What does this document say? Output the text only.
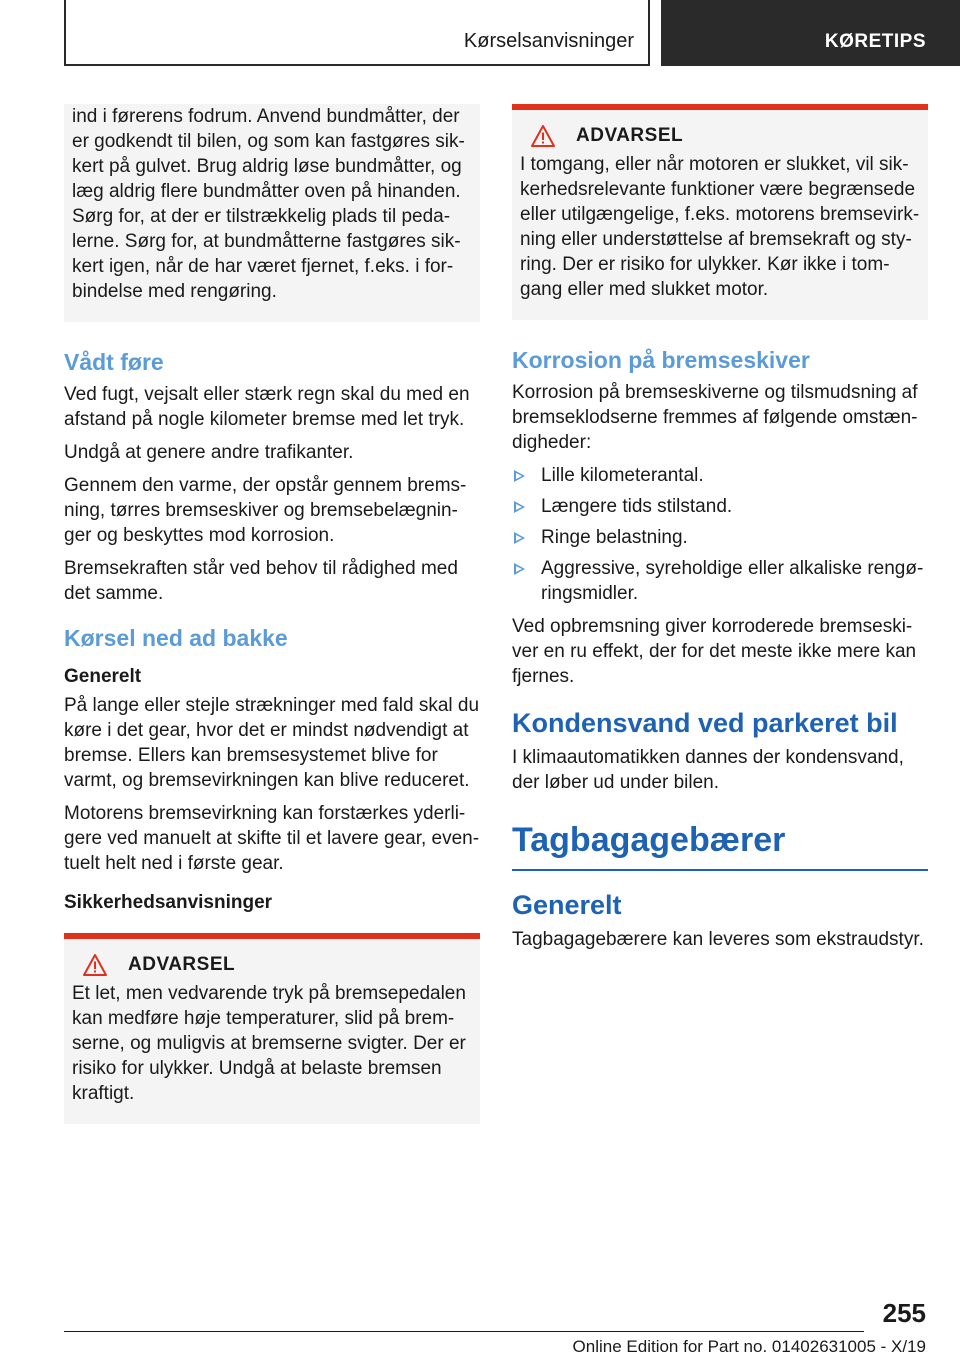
Kørselsanvisninger	KØRETIPS

ind i førerens fodrum. Anvend bundmåtter, der er godkendt til bilen, og som kan fastgøres sik-kert på gulvet. Brug aldrig løse bundmåtter, og læg aldrig flere bundmåtter oven på hinanden. Sørg for, at der er tilstrækkelig plads til peda-lerne. Sørg for, at bundmåtterne fastgøres sik-kert igen, når de har været fjernet, f.eks. i for-bindelse med rengøring.

Vådt føre

Ved fugt, vejsalt eller stærk regn skal du med en afstand på nogle kilometer bremse med let tryk.

Undgå at genere andre trafikanter.

Gennem den varme, der opstår gennem brems-ning, tørres bremseskiver og bremsebelægnin-ger og beskyttes mod korrosion.

Bremsekraften står ved behov til rådighed med det samme.

Kørsel ned ad bakke
Generelt

På lange eller stejle strækninger med fald skal du køre i det gear, hvor det er mindst nødvendigt at bremse. Ellers kan bremsesystemet blive for varmt, og bremsevirkningen kan blive reduceret.

Motorens bremsevirkning kan forstærkes yderli-gere ved manuelt at skifte til et lavere gear, even-tuelt helt ned i første gear.

Sikkerhedsanvisninger
ADVARSEL

Et let, men vedvarende tryk på bremsepedalen kan medføre høje temperaturer, slid på brem-serne, og muligvis at bremserne svigter. Der er risiko for ulykker. Undgå at belaste bremsen kraftigt.

ADVARSEL

I tomgang, eller når motoren er slukket, vil sik-kerhedsrelevante funktioner være begrænsede eller utilgængelige, f.eks. motorens bremsevirk-ning eller understøttelse af bremsekraft og sty-ring. Der er risiko for ulykker. Kør ikke i tom-gang eller med slukket motor.

Korrosion på bremseskiver

Korrosion på bremseskiverne og tilsmudsning af bremseklodserne fremmes af følgende omstæn-digheder:

Lille kilometerantal.
Længere tids stilstand.
Ringe belastning.
Aggressive, syreholdige eller alkaliske rengø-ringsmidler.

Ved opbremsning giver korroderede bremseski-ver en ru effekt, der for det meste ikke mere kan fjernes.

Kondensvand ved parkeret bil

I klimaautomatikken dannes der kondensvand, der løber ud under bilen.

Tagbagagebærer
Generelt

Tagbagagebærere kan leveres som ekstraudstyr.

255
Online Edition for Part no. 01402631005 - X/19
